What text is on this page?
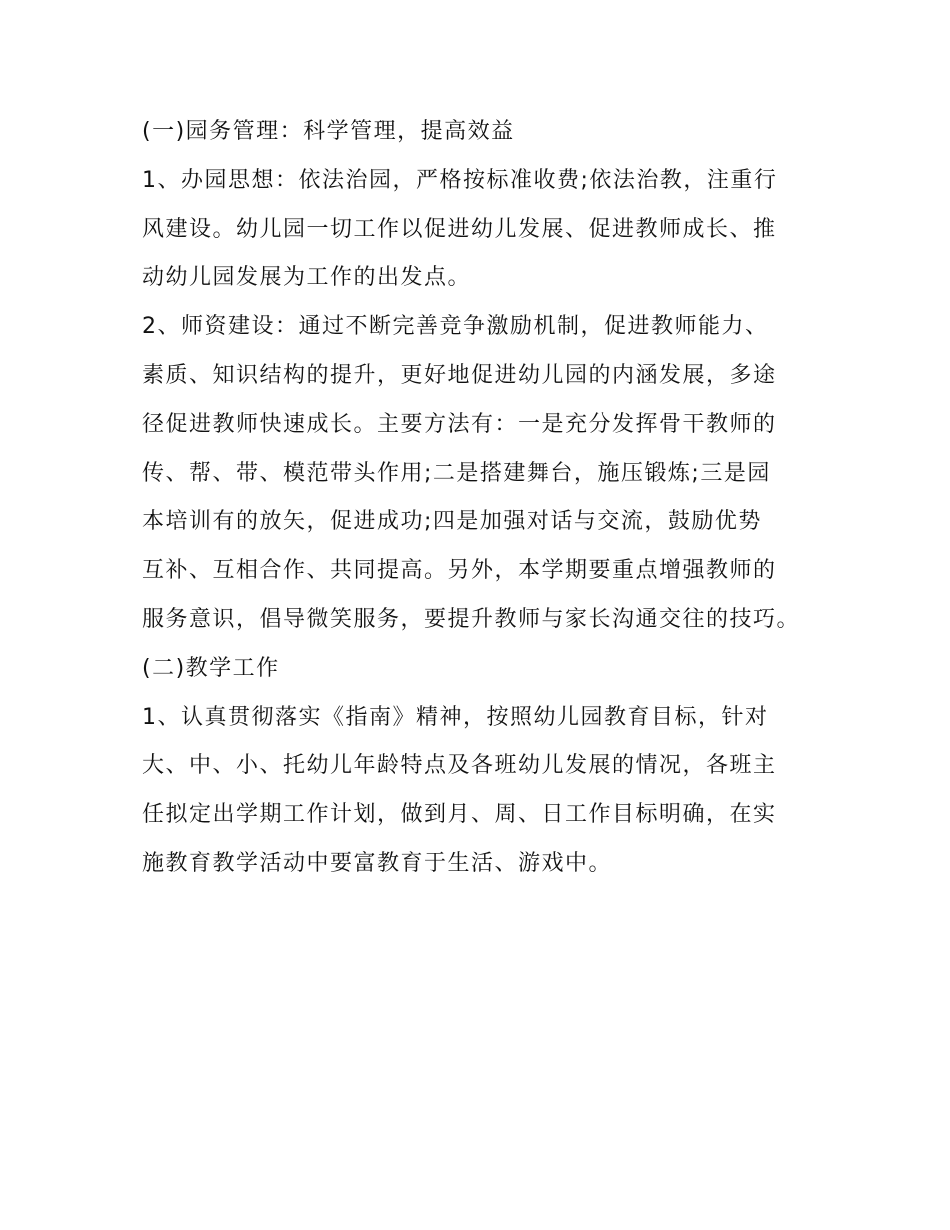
(一)园务管理：科学管理，提高效益
1、办园思想：依法治园，严格按标准收费;依法治教，注重行
风建设。幼儿园一切工作以促进幼儿发展、促进教师成长、推
动幼儿园发展为工作的出发点。
2、师资建设：通过不断完善竞争激励机制，促进教师能力、
素质、知识结构的提升，更好地促进幼儿园的内涵发展，多途
径促进教师快速成长。主要方法有：一是充分发挥骨干教师的
传、帮、带、模范带头作用;二是搭建舞台，施压锻炼;三是园
本培训有的放矢，促进成功;四是加强对话与交流，鼓励优势
互补、互相合作、共同提高。另外，本学期要重点增强教师的
服务意识，倡导微笑服务，要提升教师与家长沟通交往的技巧。
(二)教学工作
1、认真贯彻落实《指南》精神，按照幼儿园教育目标，针对
大、中、小、托幼儿年龄特点及各班幼儿发展的情况，各班主
任拟定出学期工作计划，做到月、周、日工作目标明确，在实
施教育教学活动中要富教育于生活、游戏中。
